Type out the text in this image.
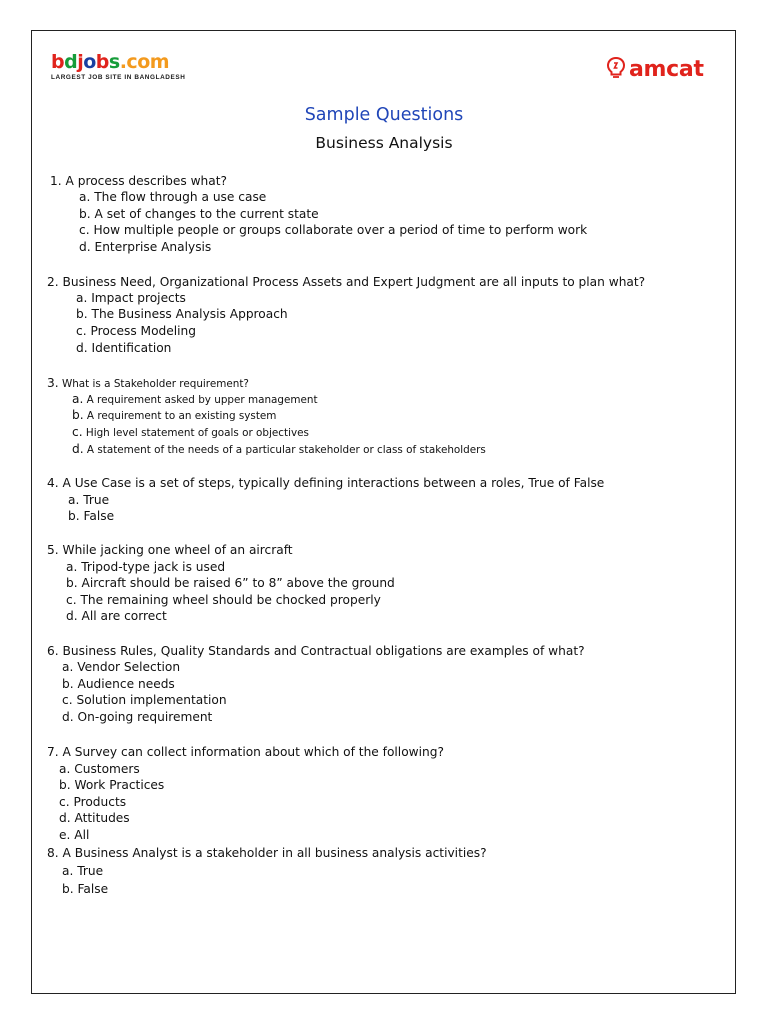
bdjobs.com
LARGEST JOB SITE IN BANGLADESH	amcat
Sample Questions
Business Analysis
1. A process describes what?
a. The flow through a use case
b. A set of changes to the current state
c. How multiple people or groups collaborate over a period of time to perform work
d. Enterprise Analysis
2. Business Need, Organizational Process Assets and Expert Judgment are all inputs to plan what?
a. Impact projects
b. The Business Analysis Approach
c. Process Modeling
d. Identification
3. What is a Stakeholder requirement?
a. A requirement asked by upper management
b. A requirement to an existing system
c. High level statement of goals or objectives
d. A statement of the needs of a particular stakeholder or class of stakeholders
4. A Use Case is a set of steps, typically defining interactions between a roles, True of False
a. True
b. False
5. While jacking one wheel of an aircraft
a. Tripod-type jack is used
b. Aircraft should be raised 6” to 8” above the ground
c. The remaining wheel should be chocked properly
d. All are correct
6. Business Rules, Quality Standards and Contractual obligations are examples of what?
a. Vendor Selection
b. Audience needs
c. Solution implementation
d. On-going requirement
7. A Survey can collect information about which of the following?
a. Customers
b. Work Practices
c. Products
d. Attitudes
e. All
8. A Business Analyst is a stakeholder in all business analysis activities?
a. True
b. False
